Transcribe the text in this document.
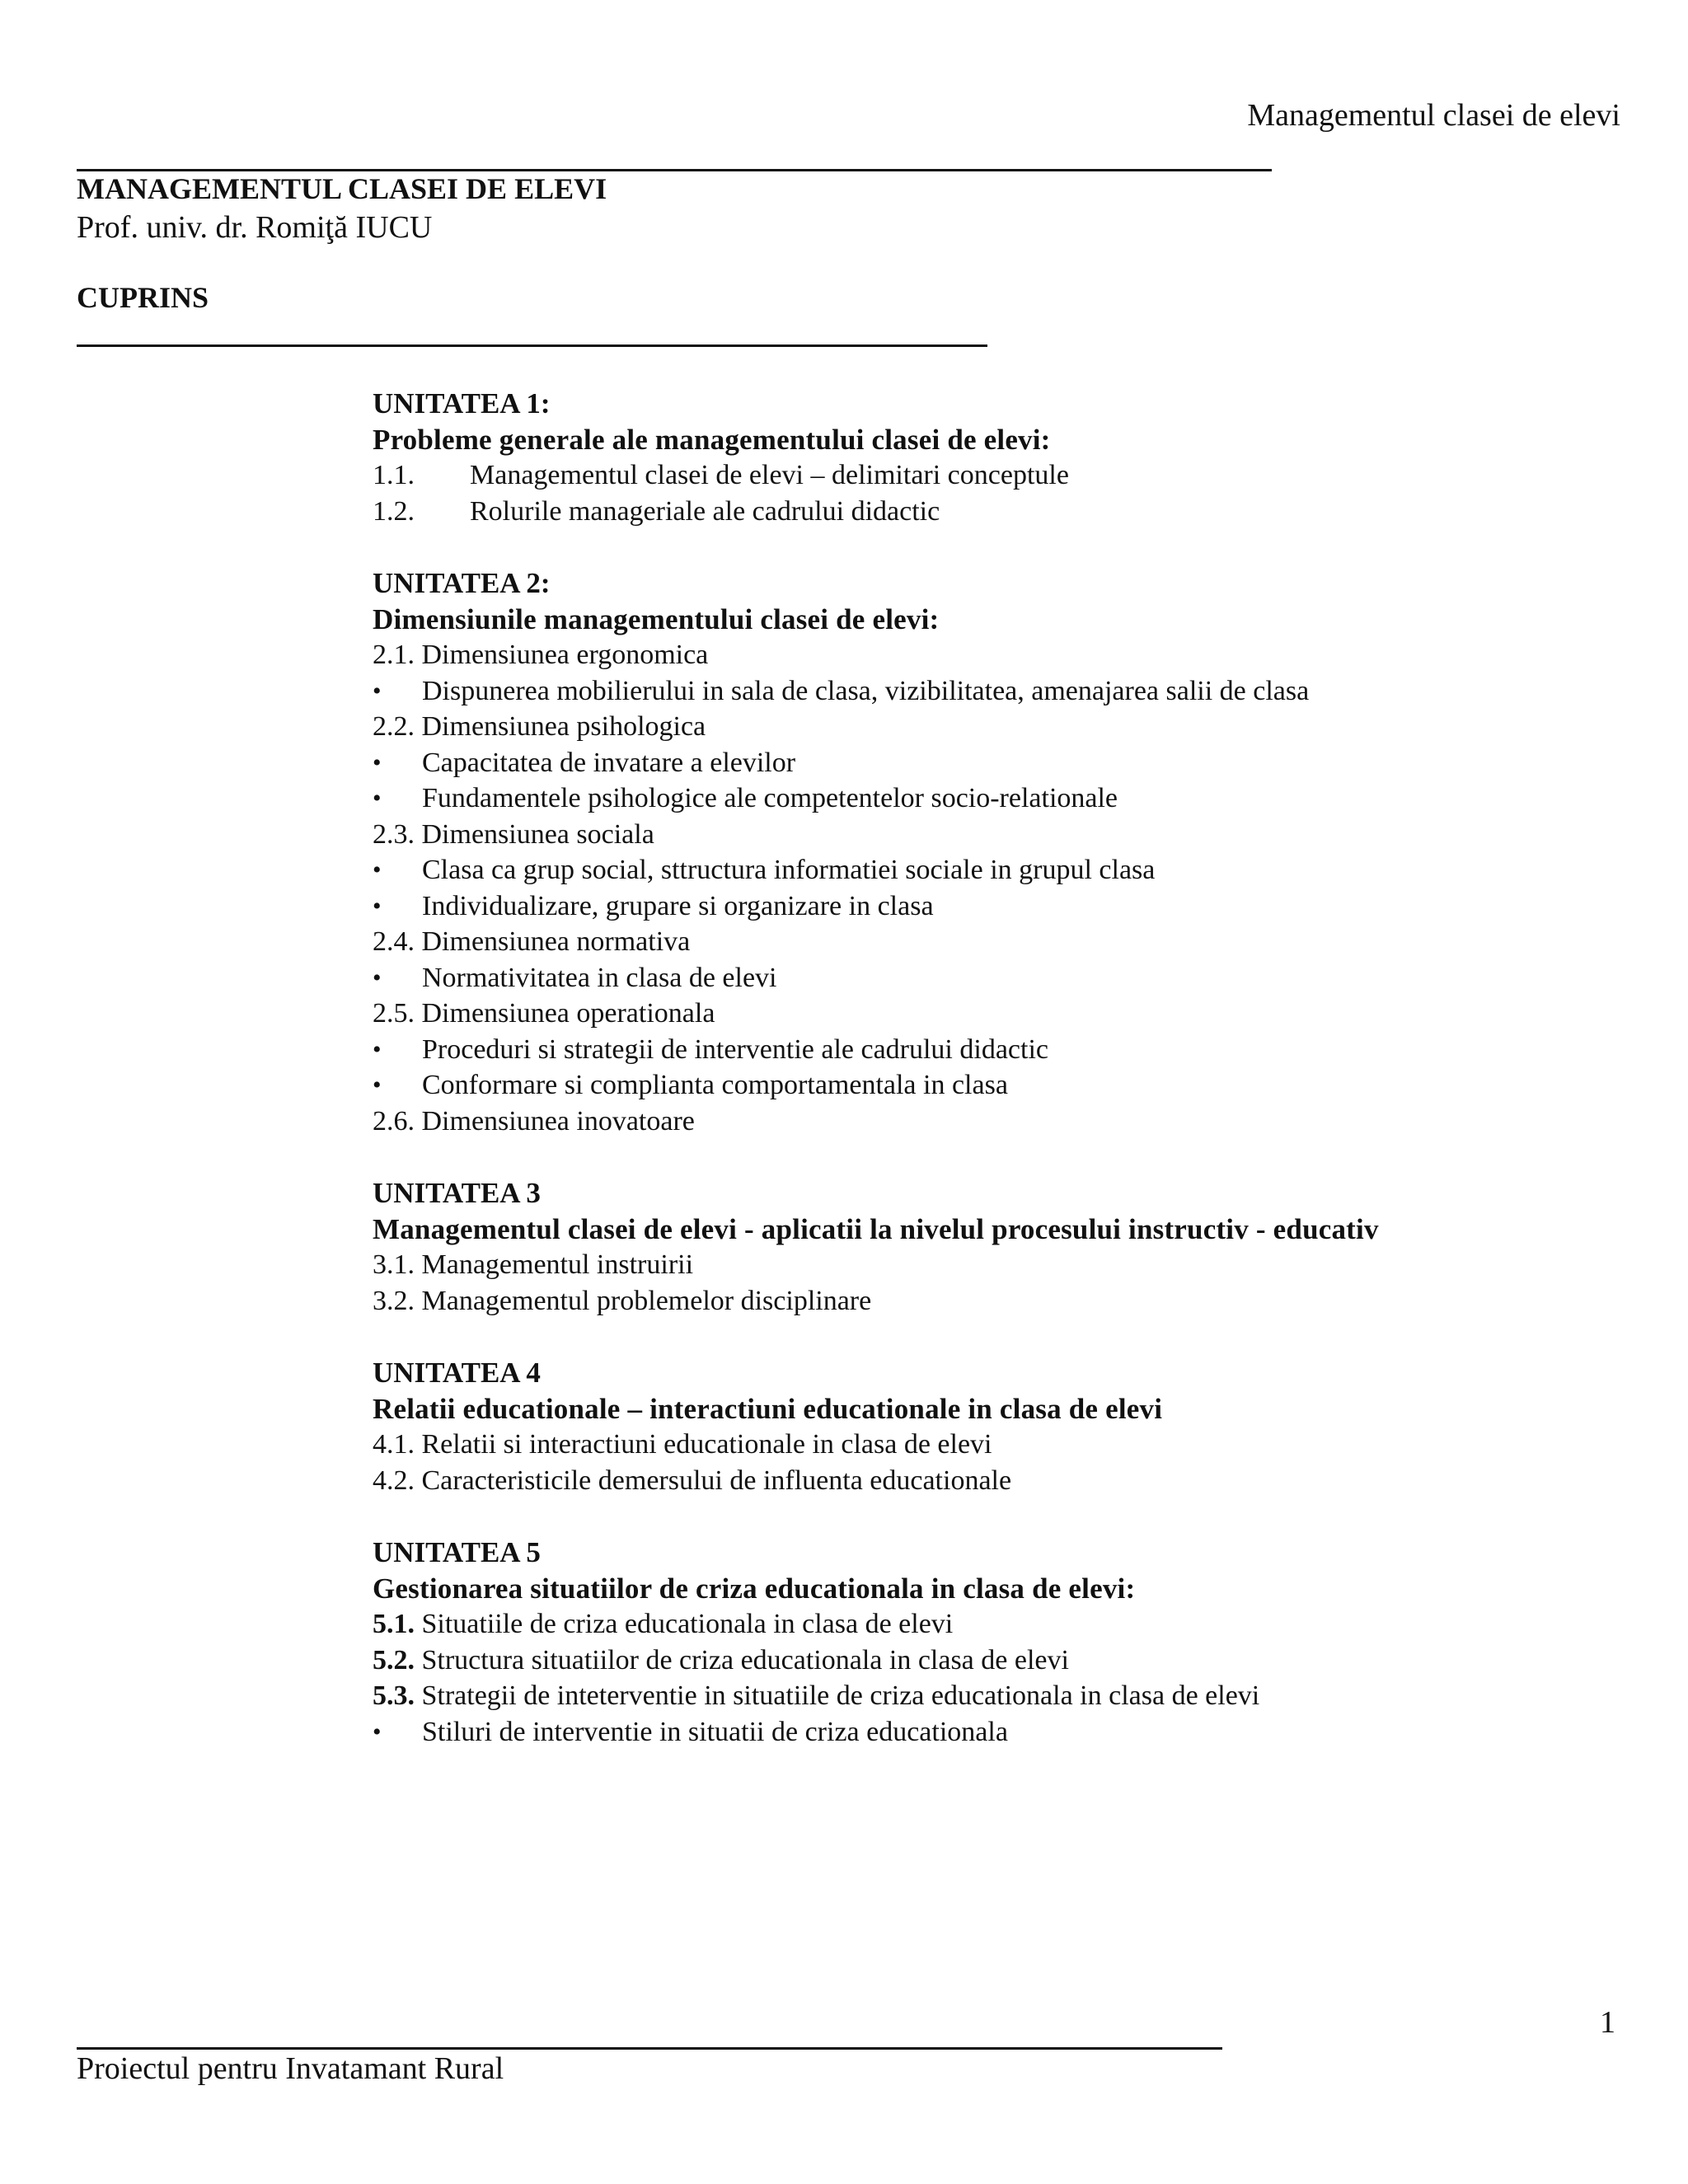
Managementul clasei de elevi
MANAGEMENTUL CLASEI DE ELEVI
Prof. univ. dr. Romiţă IUCU
CUPRINS
UNITATEA 1:
Probleme generale ale managementului clasei de elevi:
1.1. Managementul clasei de elevi – delimitari conceptule
1.2. Rolurile manageriale ale cadrului didactic
UNITATEA 2:
Dimensiunile managementului clasei de elevi:
2.1. Dimensiunea ergonomica
• Dispunerea mobilierului in sala de clasa, vizibilitatea, amenajarea salii de clasa
2.2. Dimensiunea psihologica
• Capacitatea de invatare a elevilor
• Fundamentele psihologice ale competentelor socio-relationale
2.3. Dimensiunea sociala
• Clasa ca grup social, sttructura informatiei sociale in grupul clasa
• Individualizare, grupare si organizare in clasa
2.4. Dimensiunea normativa
• Normativitatea in clasa de elevi
2.5. Dimensiunea operationala
• Proceduri si strategii de interventie ale cadrului didactic
• Conformare si complianta comportamentala in clasa
2.6. Dimensiunea inovatoare
UNITATEA 3
Managementul clasei de elevi - aplicatii la nivelul procesului instructiv - educativ
3.1. Managementul instruirii
3.2. Managementul problemelor disciplinare
UNITATEA 4
Relatii educationale – interactiuni educationale in clasa de elevi
4.1. Relatii si interactiuni educationale in clasa de elevi
4.2. Caracteristicile demersului de influenta educationale
UNITATEA 5
Gestionarea situatiilor de criza educationala in clasa de elevi:
5.1. Situatiile de criza educationala in clasa de elevi
5.2. Structura situatiilor de criza educationala in clasa de elevi
5.3. Strategii de inteterventie in situatiile de criza educationala in clasa de elevi
• Stiluri de interventie in situatii de criza educationala
1
Proiectul pentru Invatamant Rural
